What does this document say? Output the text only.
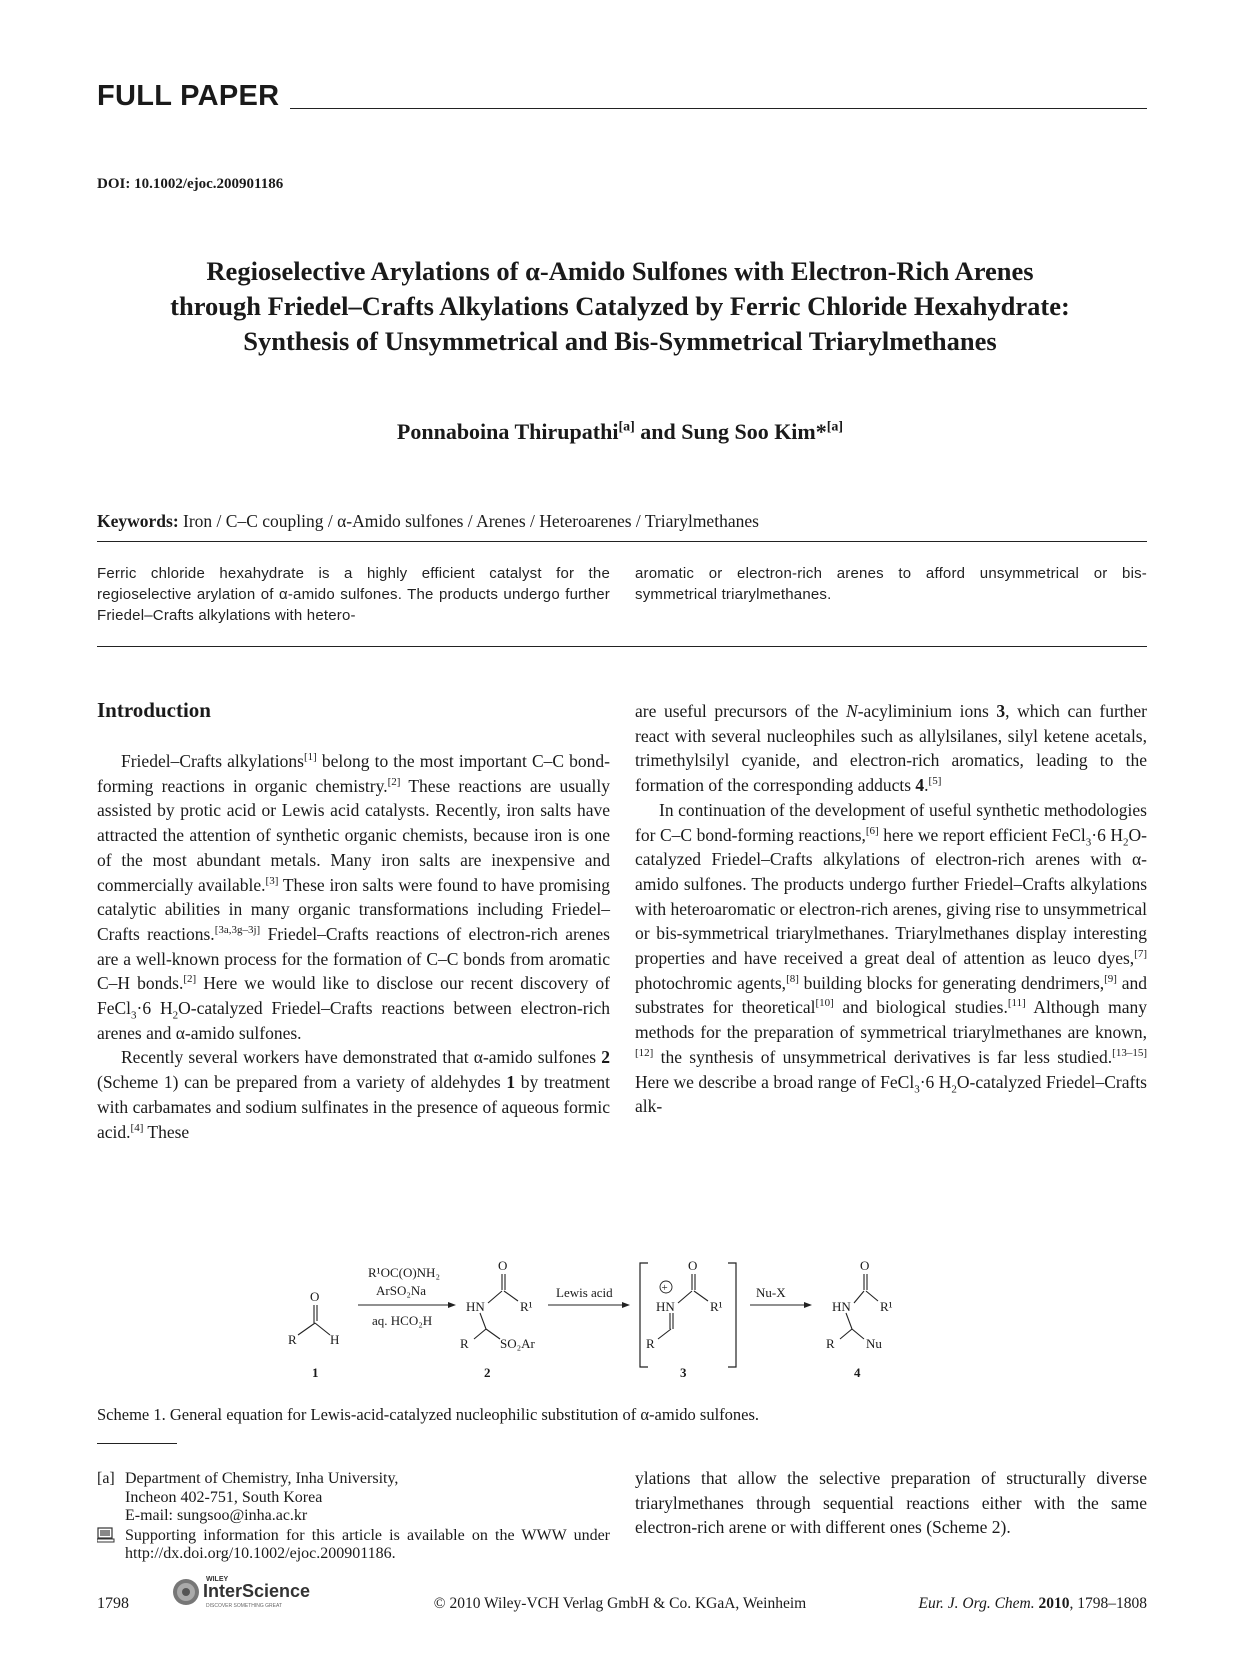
FULL PAPER
DOI: 10.1002/ejoc.200901186
Regioselective Arylations of α-Amido Sulfones with Electron-Rich Arenes
through Friedel–Crafts Alkylations Catalyzed by Ferric Chloride Hexahydrate:
Synthesis of Unsymmetrical and Bis-Symmetrical Triarylmethanes
Ponnaboina Thirupathi[a] and Sung Soo Kim*[a]
Keywords: Iron / C–C coupling / α-Amido sulfones / Arenes / Heteroarenes / Triarylmethanes
Ferric chloride hexahydrate is a highly efficient catalyst for the regioselective arylation of α-amido sulfones. The products undergo further Friedel–Crafts alkylations with hetero-
aromatic or electron-rich arenes to afford unsymmetrical or bis-symmetrical triarylmethanes.
Introduction

Friedel–Crafts alkylations[1] belong to the most important C–C bond-forming reactions in organic chemistry.[2] These reactions are usually assisted by protic acid or Lewis acid catalysts. Recently, iron salts have attracted the attention of synthetic organic chemists, because iron is one of the most abundant metals. Many iron salts are inexpensive and commercially available.[3] These iron salts were found to have promising catalytic abilities in many organic transformations including Friedel–Crafts reactions.[3a,3g–3j] Friedel–Crafts reactions of electron-rich arenes are a well-known process for the formation of C–C bonds from aromatic C–H bonds.[2] Here we would like to disclose our recent discovery of FeCl$_3$·6 $H_2O$-catalyzed Friedel–Crafts reactions between electron-rich arenes and α-amido sulfones.

Recently several workers have demonstrated that α-amido sulfones 2 (Scheme 1) can be prepared from a variety of aldehydes 1 by treatment with carbamates and sodium sulfinates in the presence of aqueous formic acid.[4] These

are useful precursors of the N-acyliminium ions 3, which can further react with several nucleophiles such as allylsilanes, silyl ketene acetals, trimethylsilyl cyanide, and electron-rich aromatics, leading to the formation of the corresponding adducts 4.[5]

In continuation of the development of useful synthetic methodologies for C–C bond-forming reactions,[6] here we report efficient FeCl$_3$·6 $H_2O$-catalyzed Friedel–Crafts alkylations of electron-rich arenes with α-amido sulfones. The products undergo further Friedel–Crafts alkylations with heteroaromatic or electron-rich arenes, giving rise to unsymmetrical or bis-symmetrical triarylmethanes. Triarylmethanes display interesting properties and have received a great deal of attention as leuco dyes,[7] photochromic agents,[8] building blocks for generating dendrimers,[9] and substrates for theoretical[10] and biological studies.[11] Although many methods for the preparation of symmetrical triarylmethanes are known,[12] the synthesis of unsymmetrical derivatives is far less studied.[13–15] Here we describe a broad range of FeCl$_3$·6 $H_2O$-catalyzed Friedel–Crafts alk-

O
R	H
1
R¹OC(O)NH₂
ArSO₂Na
aq. HCO₂H
O
HN	R¹
R SO₂Ar
2
Lewis acid
O
+
HN	R¹
R
3
Nu-X
O
HN R¹
R Nu
4
Scheme 1. General equation for Lewis-acid-catalyzed nucleophilic substitution of α-amido sulfones.
[a] Department of Chemistry, Inha University,
Incheon 402-751, South Korea
E-mail: sungsoo@inha.ac.kr
Supporting information for this article is available on the WWW under http://dx.doi.org/10.1002/ejoc.200901186.

ylations that allow the selective preparation of structurally diverse triarylmethanes through sequential reactions either with the same electron-rich arene or with different ones (Scheme 2).

1798
WILEY
InterScience
DISCOVER SOMETHING GREAT	© 2010 Wiley-VCH Verlag GmbH & Co. KGaA, Weinheim	Eur. J. Org. Chem. 2010, 1798–1808
